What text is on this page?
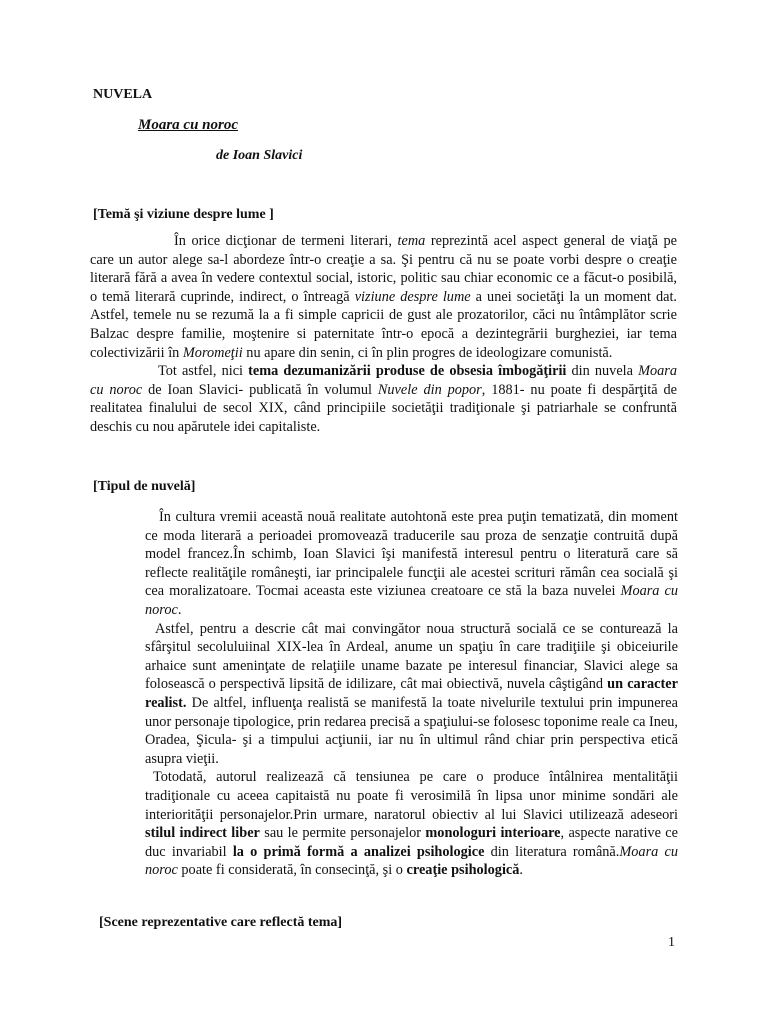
NUVELA
Moara cu noroc
de Ioan Slavici
[Temă şi viziune despre lume ]

În orice dicţionar de termeni literari, tema reprezintă acel aspect general de viaţă pe care un autor alege sa-l abordeze într-o creaţie a sa. Şi pentru că nu se poate vorbi despre o creaţie literară fără a avea în vedere contextul social, istoric, politic sau chiar economic ce a făcut-o posibilă, o temă literară cuprinde, indirect, o întreagă viziune despre lume a unei societăţi la un moment dat. Astfel, temele nu se rezumă la a fi simple capricii de gust ale prozatorilor, căci nu întâmplător scrie Balzac despre familie, moştenire si paternitate într-o epocă a dezintegrării burgheziei, iar tema colectivizării în Moromeţii nu apare din senin, ci în plin progres de ideologizare comunistă.

Tot astfel, nici tema dezumanizării produse de obsesia îmbogăţirii din nuvela Moara cu noroc de Ioan Slavici- publicată în volumul Nuvele din popor, 1881- nu poate fi despărţită de realitatea finalului de secol XIX, când principiile societăţii tradiţionale şi patriarhale se confruntă deschis cu nou apărutele idei capitaliste.

[Tipul de nuvelă]

În cultura vremii această nouă realitate autohtonă este prea puţin tematizată, din moment ce moda literară a perioadei promovează traducerile sau proza de senzaţie contruită după model francez.În schimb, Ioan Slavici îşi manifestă interesul pentru o literatură care să reflecte realităţile româneşti, iar principalele funcţii ale acestei scrituri rămân cea socială şi cea moralizatoare. Tocmai aceasta este viziunea creatoare ce stă la baza nuvelei Moara cu noroc.

Astfel, pentru a descrie cât mai convingător noua structură socială ce se conturează la sfârşitul secoluluiinal XIX-lea în Ardeal, anume un spaţiu în care tradiţiile şi obiceiurile arhaice sunt ameninţate de relaţiile uname bazate pe interesul financiar, Slavici alege sa folosească o perspectivă lipsită de idilizare, cât mai obiectivă, nuvela câştigând un caracter realist. De altfel, influenţa realistă se manifestă la toate nivelurile textului prin impunerea unor personaje tipologice, prin redarea precisă a spaţiului-se folosesc toponime reale ca Ineu, Oradea, Şicula- şi a timpului acţiunii, iar nu în ultimul rând chiar prin perspectiva etică asupra vieţii.

Totodată, autorul realizează că tensiunea pe care o produce întâlnirea mentalităţii tradiţionale cu aceea capitaistă nu poate fi verosimilă în lipsa unor minime sondări ale interiorităţii personajelor.Prin urmare, naratorul obiectiv al lui Slavici utilizează adeseori stilul indirect liber sau le permite personajelor monologuri interioare, aspecte narative ce duc invariabil la o primă formă a analizei psihologice din literatura română.Moara cu noroc poate fi considerată, în consecinţă, şi o creaţie psihologică.

[Scene reprezentative care reflectă tema]
1
